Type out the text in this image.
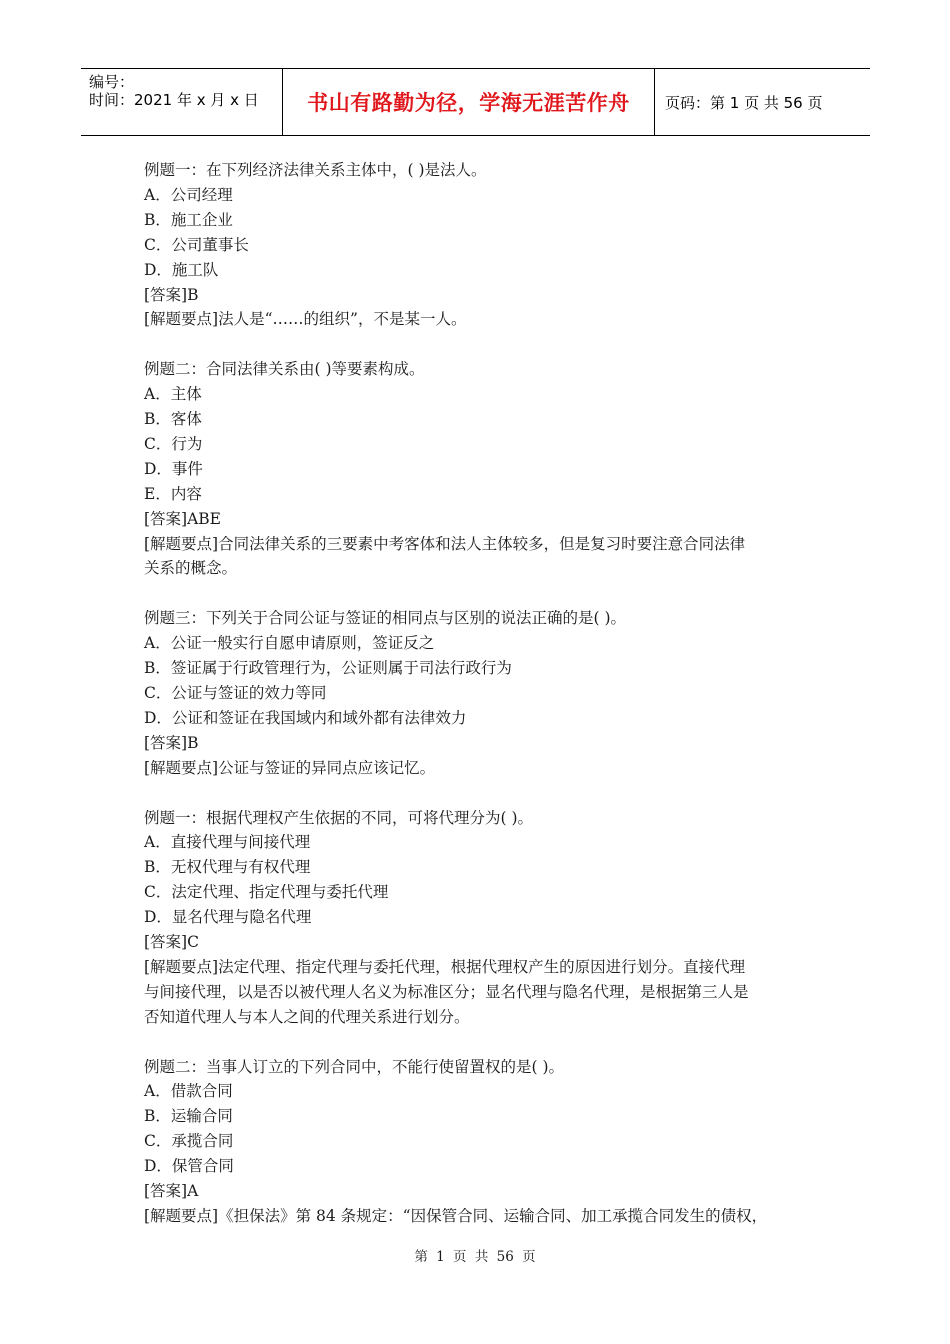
编号：
时间：2021 年 x 月 x 日	书山有路勤为径，学海无涯苦作舟	页码：第 1 页 共 56 页

例题一：在下列经济法律关系主体中，( )是法人。

A．公司经理

B．施工企业

C．公司董事长

D．施工队

[答案]B

[解题要点]法人是“……的组织”，不是某一人。

例题二：合同法律关系由( )等要素构成。

A．主体

B．客体

C．行为

D．事件

E．内容

[答案]ABE

[解题要点]合同法律关系的三要素中考客体和法人主体较多，但是复习时要注意合同法律

关系的概念。

例题三：下列关于合同公证与签证的相同点与区别的说法正确的是( )。

A．公证一般实行自愿申请原则，签证反之

B．签证属于行政管理行为，公证则属于司法行政行为

C．公证与签证的效力等同

D．公证和签证在我国域内和域外都有法律效力

[答案]B

[解题要点]公证与签证的异同点应该记忆。

例题一：根据代理权产生依据的不同，可将代理分为( )。

A．直接代理与间接代理

B．无权代理与有权代理

C．法定代理、指定代理与委托代理

D．显名代理与隐名代理

[答案]C

[解题要点]法定代理、指定代理与委托代理，根据代理权产生的原因进行划分。直接代理

与间接代理，以是否以被代理人名义为标准区分；显名代理与隐名代理，是根据第三人是

否知道代理人与本人之间的代理关系进行划分。

例题二：当事人订立的下列合同中，不能行使留置权的是( )。

A．借款合同

B．运输合同

C．承揽合同

D．保管合同

[答案]A

[解题要点]《担保法》第 84 条规定：“因保管合同、运输合同、加工承揽合同发生的债权，

第 1 页 共 56 页
